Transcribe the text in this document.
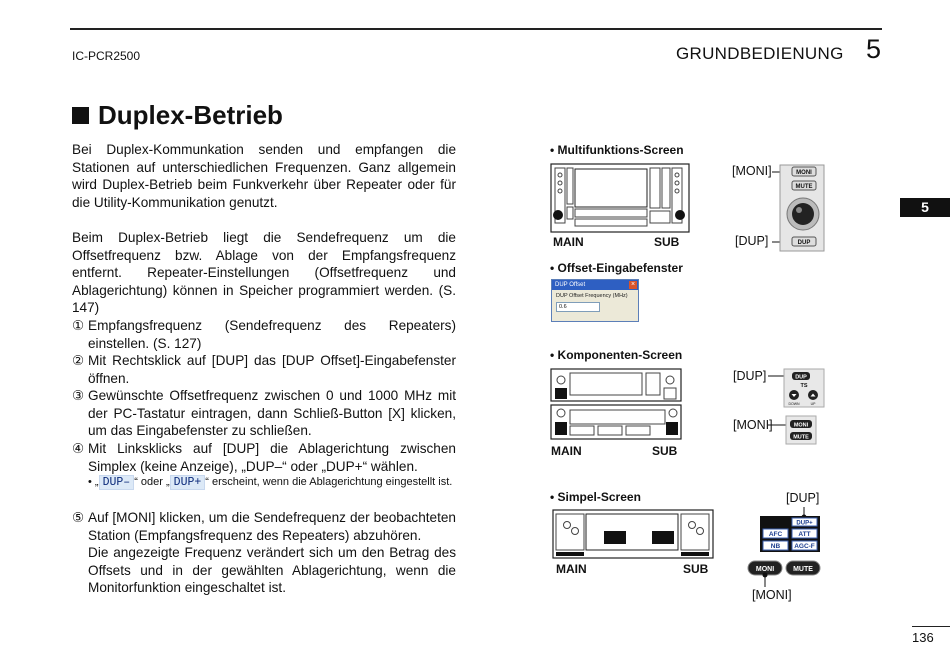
IC-PCR2500	GRUNDBEDIENUNG 5
5
Duplex-Betrieb
Bei Duplex-Kommunkation senden und empfangen die Stationen auf unterschiedlichen Frequenzen. Ganz allgemein wird Duplex-Betrieb beim Funkverkehr über Repeater oder für die Utility-Kommunikation genutzt.
Beim Duplex-Betrieb liegt die Sendefrequenz um die Offsetfrequenz bzw. Ablage von der Empfangsfrequenz entfernt. Repeater-Einstellungen (Offsetfrequenz und Ablagerichtung) können in Speicher programmiert werden. (S. 147)
① Empfangsfrequenz (Sendefrequenz des Repeaters) einstellen. (S. 127)
② Mit Rechtsklick auf [DUP] das [DUP Offset]-Eingabefenster öffnen.
③ Gewünschte Offsetfrequenz zwischen 0 und 1000 MHz mit der PC-Tastatur eintragen, dann Schließ-Button [X] klicken, um das Eingabefenster zu schließen.
④ Mit Linksklicks auf [DUP] die Ablagerichtung zwischen Simplex (keine Anzeige), „DUP–“ oder „DUP+“ wählen.
• „ DUP– “ oder „ DUP+ “ erscheint, wenn die Ablagerichtung eingestellt ist.
⑤ Auf [MONI] klicken, um die Sendefrequenz der beobachteten Station (Empfangsfrequenz des Repeaters) abzuhören.
Die angezeigte Frequenz verändert sich um den Betrag des Offsets und in der gewählten Ablagerichtung, wenn die Monitorfunktion eingeschaltet ist.
• Multifunktions-Screen
MAIN	SUB
[MONI]
[DUP]
MONI
MUTE
DUP
• Offset-Eingabefenster
DUP Offset	×
DUP Offset Frequency (MHz)
0.6
• Komponenten-Screen
MAIN	SUB
[DUP]
[MONI]
DUP
TS
DOWN	UP
MONI
MUTE
• Simpel-Screen
MAIN	SUB
[DUP]
[MONI]
DUP+
AFC ATT
NB AGC-F
MONI	MUTE
136
